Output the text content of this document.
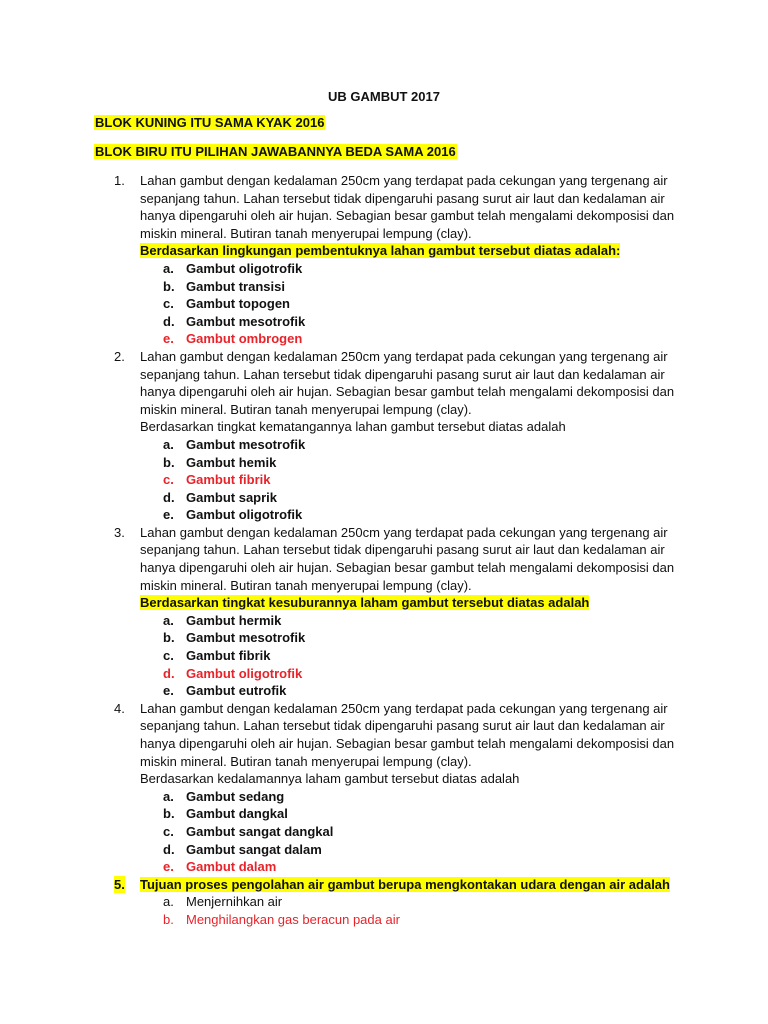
UB GAMBUT 2017
BLOK KUNING ITU SAMA KYAK 2016
BLOK BIRU ITU PILIHAN JAWABANNYA BEDA SAMA 2016
1. Lahan gambut dengan kedalaman 250cm yang terdapat pada cekungan yang tergenang air sepanjang tahun. Lahan tersebut tidak dipengaruhi pasang surut air laut dan kedalaman air hanya dipengaruhi oleh air hujan. Sebagian besar gambut telah mengalami dekomposisi dan miskin mineral. Butiran tanah menyerupai lempung (clay).

Berdasarkan lingkungan pembentuknya lahan gambut tersebut diatas adalah:

a. Gambut oligotrofik
b. Gambut transisi
c. Gambut topogen
d. Gambut mesotrofik
e. Gambut ombrogen
2. Lahan gambut dengan kedalaman 250cm yang terdapat pada cekungan yang tergenang air sepanjang tahun. Lahan tersebut tidak dipengaruhi pasang surut air laut dan kedalaman air hanya dipengaruhi oleh air hujan. Sebagian besar gambut telah mengalami dekomposisi dan miskin mineral. Butiran tanah menyerupai lempung (clay).

Berdasarkan tingkat kematangannya lahan gambut tersebut diatas adalah

a. Gambut mesotrofik
b. Gambut hemik
c. Gambut fibrik
d. Gambut saprik
e. Gambut oligotrofik
3. Lahan gambut dengan kedalaman 250cm yang terdapat pada cekungan yang tergenang air sepanjang tahun. Lahan tersebut tidak dipengaruhi pasang surut air laut dan kedalaman air hanya dipengaruhi oleh air hujan. Sebagian besar gambut telah mengalami dekomposisi dan miskin mineral. Butiran tanah menyerupai lempung (clay).

Berdasarkan tingkat kesuburannya laham gambut tersebut diatas adalah

a. Gambut hermik
b. Gambut mesotrofik
c. Gambut fibrik
d. Gambut oligotrofik
e. Gambut eutrofik
4. Lahan gambut dengan kedalaman 250cm yang terdapat pada cekungan yang tergenang air sepanjang tahun. Lahan tersebut tidak dipengaruhi pasang surut air laut dan kedalaman air hanya dipengaruhi oleh air hujan. Sebagian besar gambut telah mengalami dekomposisi dan miskin mineral. Butiran tanah menyerupai lempung (clay).

Berdasarkan kedalamannya laham gambut tersebut diatas adalah

a. Gambut sedang
b. Gambut dangkal
c. Gambut sangat dangkal
d. Gambut sangat dalam
e. Gambut dalam
5. Tujuan proses pengolahan air gambut berupa mengkontakan udara dengan air adalah

a. Menjernihkan air
b. Menghilangkan gas beracun pada air
